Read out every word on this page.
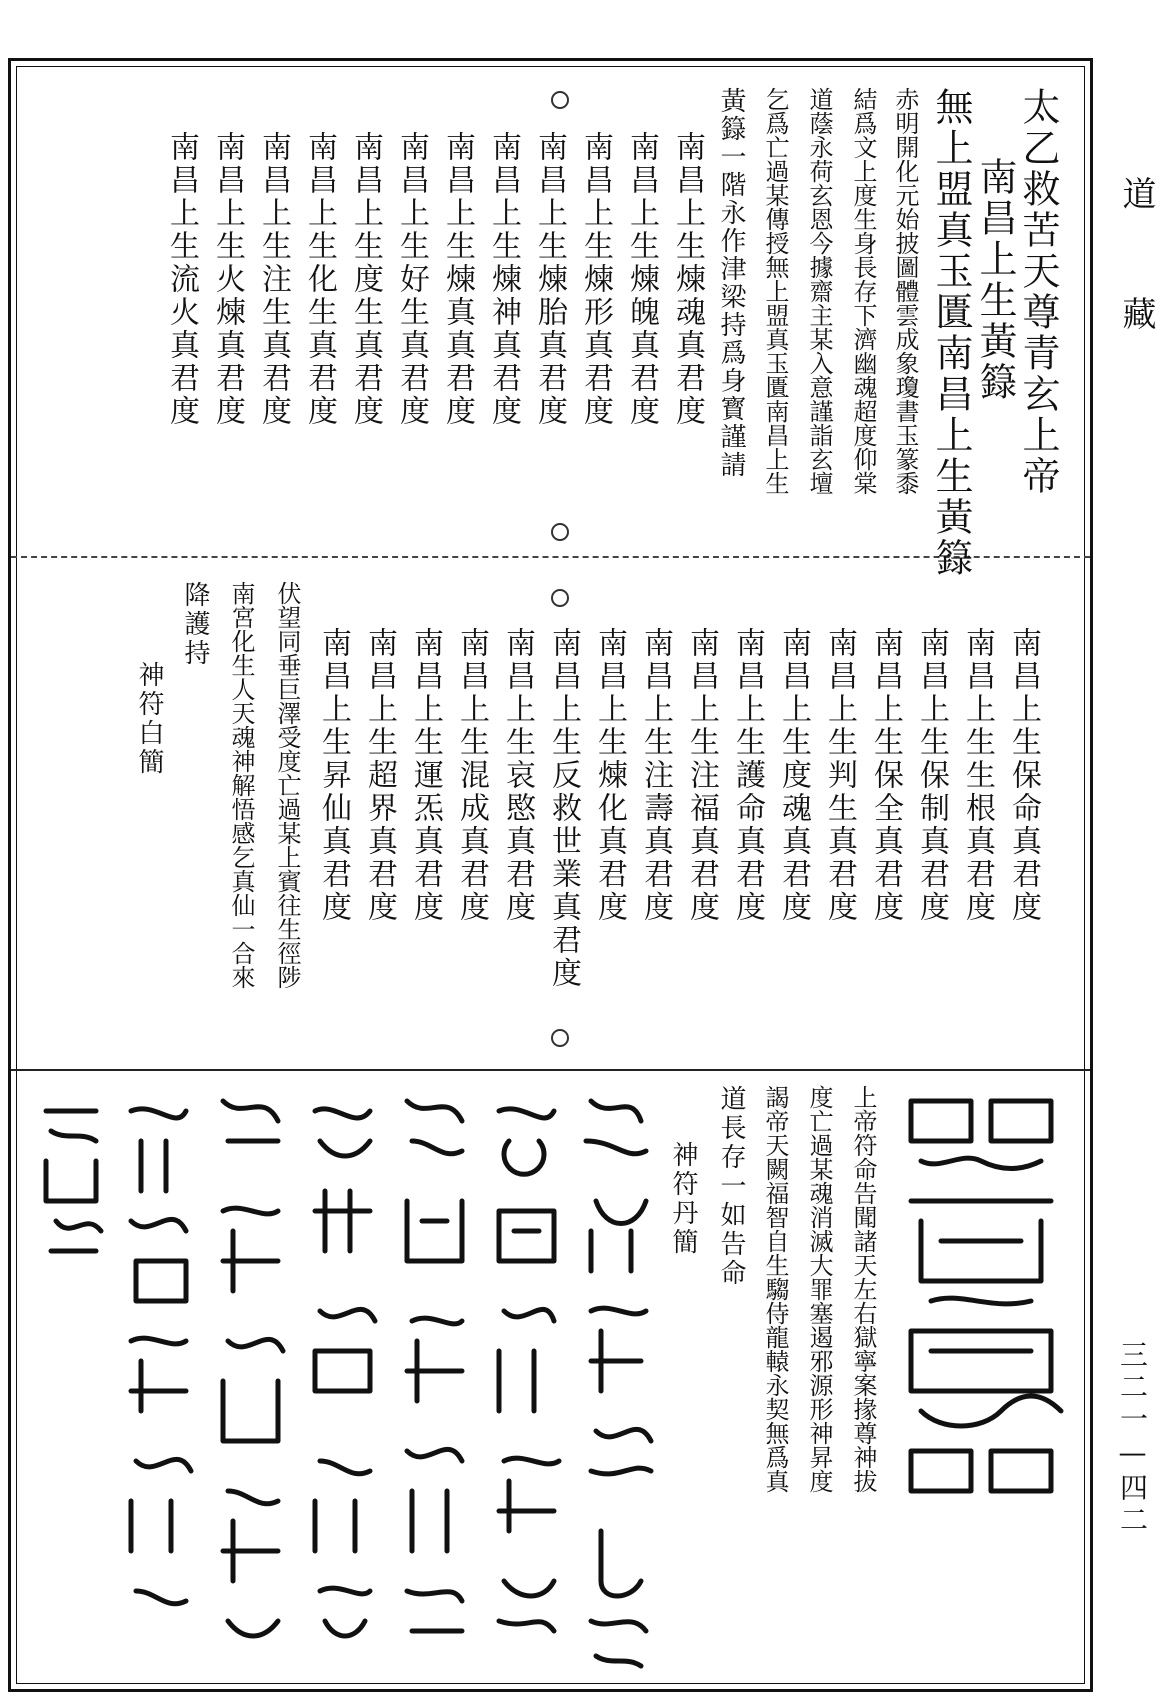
道
藏
三二一—四二
太乙救苦天尊青玄上帝
南昌上生黃籙
無上盟真玉匱南昌上生黃籙
赤明開化元始披圖體雲成象瓊書玉篆黍
結爲文上度生身長存下濟幽魂超度仰棠
道蔭永荷玄恩今據齋主某入意謹詣玄壇
乞爲亡過某傳授無上盟真玉匱南昌上生
黃籙一階永作津梁持爲身寳謹請
南昌上生煉魂真君度
南昌上生煉魄真君度
南昌上生煉形真君度
南昌上生煉胎真君度
南昌上生煉神真君度
南昌上生煉真真君度
南昌上生好生真君度
南昌上生度生真君度
南昌上生化生真君度
南昌上生注生真君度
南昌上生火煉真君度
南昌上生流火真君度
南昌上生保命真君度
南昌上生生根真君度
南昌上生保制真君度
南昌上生保全真君度
南昌上生判生真君度
南昌上生度魂真君度
南昌上生護命真君度
南昌上生注福真君度
南昌上生注壽真君度
南昌上生煉化真君度
南昌上生反救世業真君度
南昌上生哀愍真君度
南昌上生混成真君度
南昌上生運炁真君度
南昌上生超界真君度
南昌上生昇仙真君度
伏望同垂巨澤受度亡過某上賓往生徑陟
南宮化生人天魂神解悟感乞真仙一合來
降護持
神符白簡
上帝符命告聞諸天左右獄寧案掾尊神拔
度亡過某魂消滅大罪塞遏邪源形神昇度
謁帝天闕福智自生騶侍龍轅永契無爲真
道長存一如告命
神符丹簡
